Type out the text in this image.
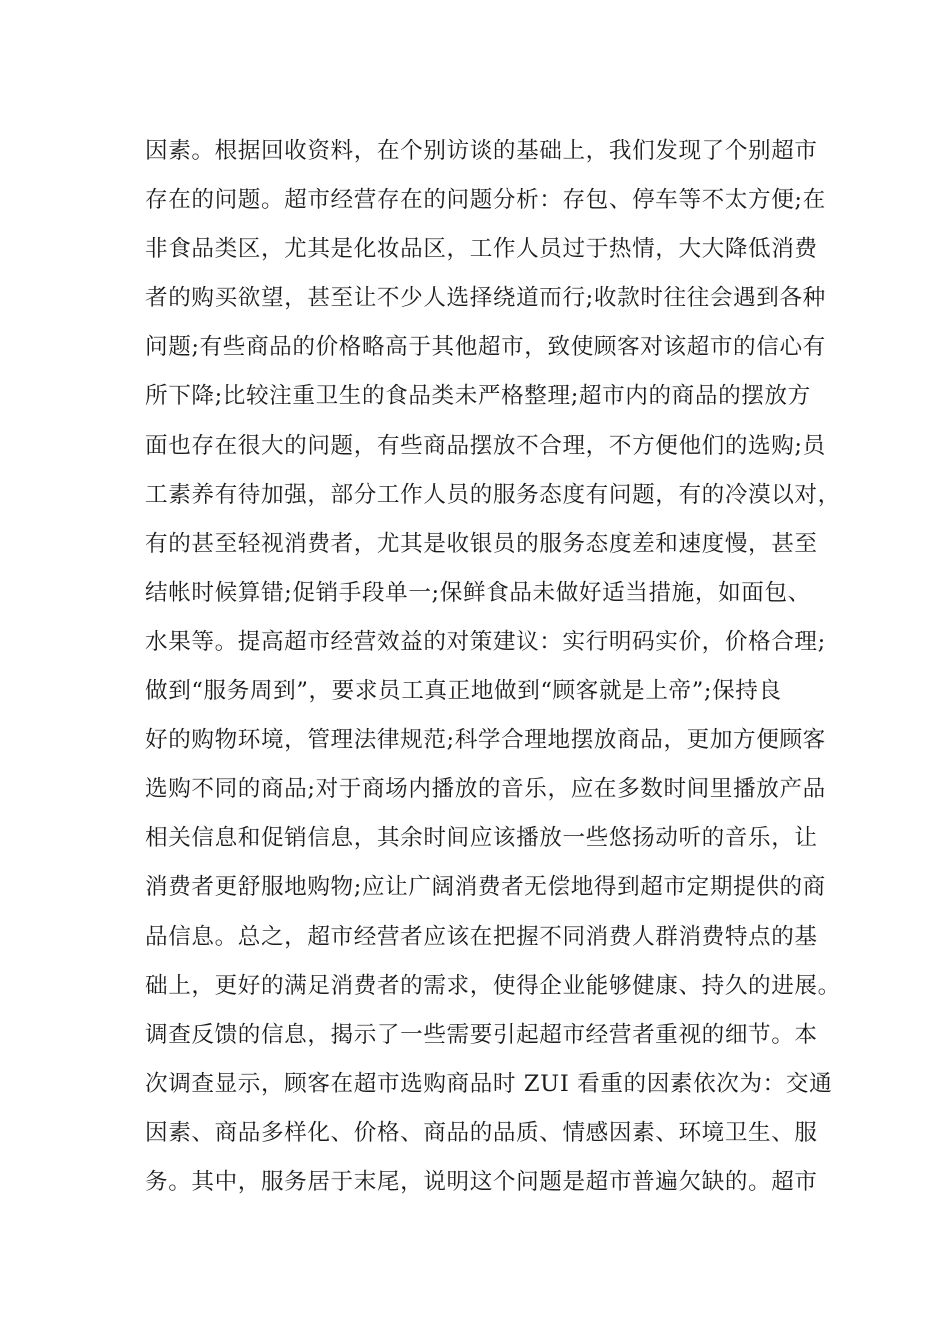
因素。根据回收资料，在个别访谈的基础上，我们发现了个别超市
存在的问题。超市经营存在的问题分析：存包、停车等不太方便;在
非食品类区，尤其是化妆品区，工作人员过于热情，大大降低消费
者的购买欲望，甚至让不少人选择绕道而行;收款时往往会遇到各种
问题;有些商品的价格略高于其他超市，致使顾客对该超市的信心有
所下降;比较注重卫生的食品类未严格整理;超市内的商品的摆放方
面也存在很大的问题，有些商品摆放不合理，不方便他们的选购;员
工素养有待加强，部分工作人员的服务态度有问题，有的冷漠以对，
有的甚至轻视消费者，尤其是收银员的服务态度差和速度慢，甚至
结帐时候算错;促销手段单一;保鲜食品未做好适当措施，如面包、
水果等。提高超市经营效益的对策建议：实行明码实价，价格合理;
做到“服务周到”，要求员工真正地做到“顾客就是上帝”;保持良
好的购物环境，管理法律规范;科学合理地摆放商品，更加方便顾客
选购不同的商品;对于商场内播放的音乐，应在多数时间里播放产品
相关信息和促销信息，其余时间应该播放一些悠扬动听的音乐，让
消费者更舒服地购物;应让广阔消费者无偿地得到超市定期提供的商
品信息。总之，超市经营者应该在把握不同消费人群消费特点的基
础上，更好的满足消费者的需求，使得企业能够健康、持久的进展。
调查反馈的信息，揭示了一些需要引起超市经营者重视的细节。本
次调查显示，顾客在超市选购商品时 ZUI 看重的因素依次为：交通
因素、商品多样化、价格、商品的品质、情感因素、环境卫生、服
务。其中，服务居于末尾，说明这个问题是超市普遍欠缺的。超市
